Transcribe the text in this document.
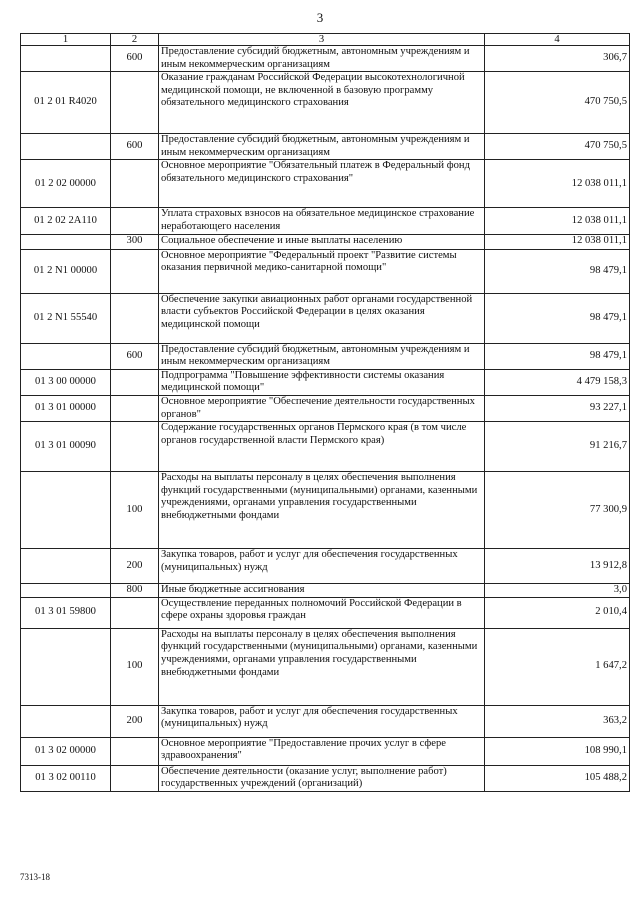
3
1	2	3	4
	600	Предоставление субсидий бюджетным, автономным учреждениям и иным некоммерческим организациям	306,7
01 2 01 R4020		Оказание гражданам Российской Федерации высокотехнологичной медицинской помощи, не включенной в базовую программу обязательного медицинского страхования	470 750,5
	600	Предоставление субсидий бюджетным, автономным учреждениям и иным некоммерческим организациям	470 750,5
01 2 02 00000		Основное мероприятие "Обязательный платеж в Федеральный фонд обязательного медицинского страхования"	12 038 011,1
01 2 02 2А110		Уплата страховых взносов на обязательное медицинское страхование неработающего населения	12 038 011,1
	300	Социальное обеспечение и иные выплаты населению	12 038 011,1
01 2 N1 00000		Основное мероприятие "Федеральный проект "Развитие системы оказания первичной медико-санитарной помощи"	98 479,1
01 2 N1 55540		Обеспечение закупки авиационных работ органами государственной власти субъектов Российской Федерации в целях оказания медицинской помощи	98 479,1
	600	Предоставление субсидий бюджетным, автономным учреждениям и иным некоммерческим организациям	98 479,1
01 3 00 00000		Подпрограмма "Повышение эффективности системы оказания медицинской помощи"	4 479 158,3
01 3 01 00000		Основное мероприятие "Обеспечение деятельности государственных органов"	93 227,1
01 3 01 00090		Содержание государственных органов Пермского края (в том числе органов государственной власти Пермского края)	91 216,7
	100	Расходы на выплаты персоналу в целях обеспечения выполнения функций государственными (муниципальными) органами, казенными учреждениями, органами управления государственными внебюджетными фондами	77 300,9
	200	Закупка товаров, работ и услуг для обеспечения государственных (муниципальных) нужд	13 912,8
	800	Иные бюджетные ассигнования	3,0
01 3 01 59800		Осуществление переданных полномочий Российской Федерации в сфере охраны здоровья граждан	2 010,4
	100	Расходы на выплаты персоналу в целях обеспечения выполнения функций государственными (муниципальными) органами, казенными учреждениями, органами управления государственными внебюджетными фондами	1 647,2
	200	Закупка товаров, работ и услуг для обеспечения государственных (муниципальных) нужд	363,2
01 3 02 00000		Основное мероприятие "Предоставление прочих услуг в сфере здравоохранения"	108 990,1
01 3 02 00110		Обеспечение деятельности (оказание услуг, выполнение работ) государственных учреждений (организаций)	105 488,2
7313-18
